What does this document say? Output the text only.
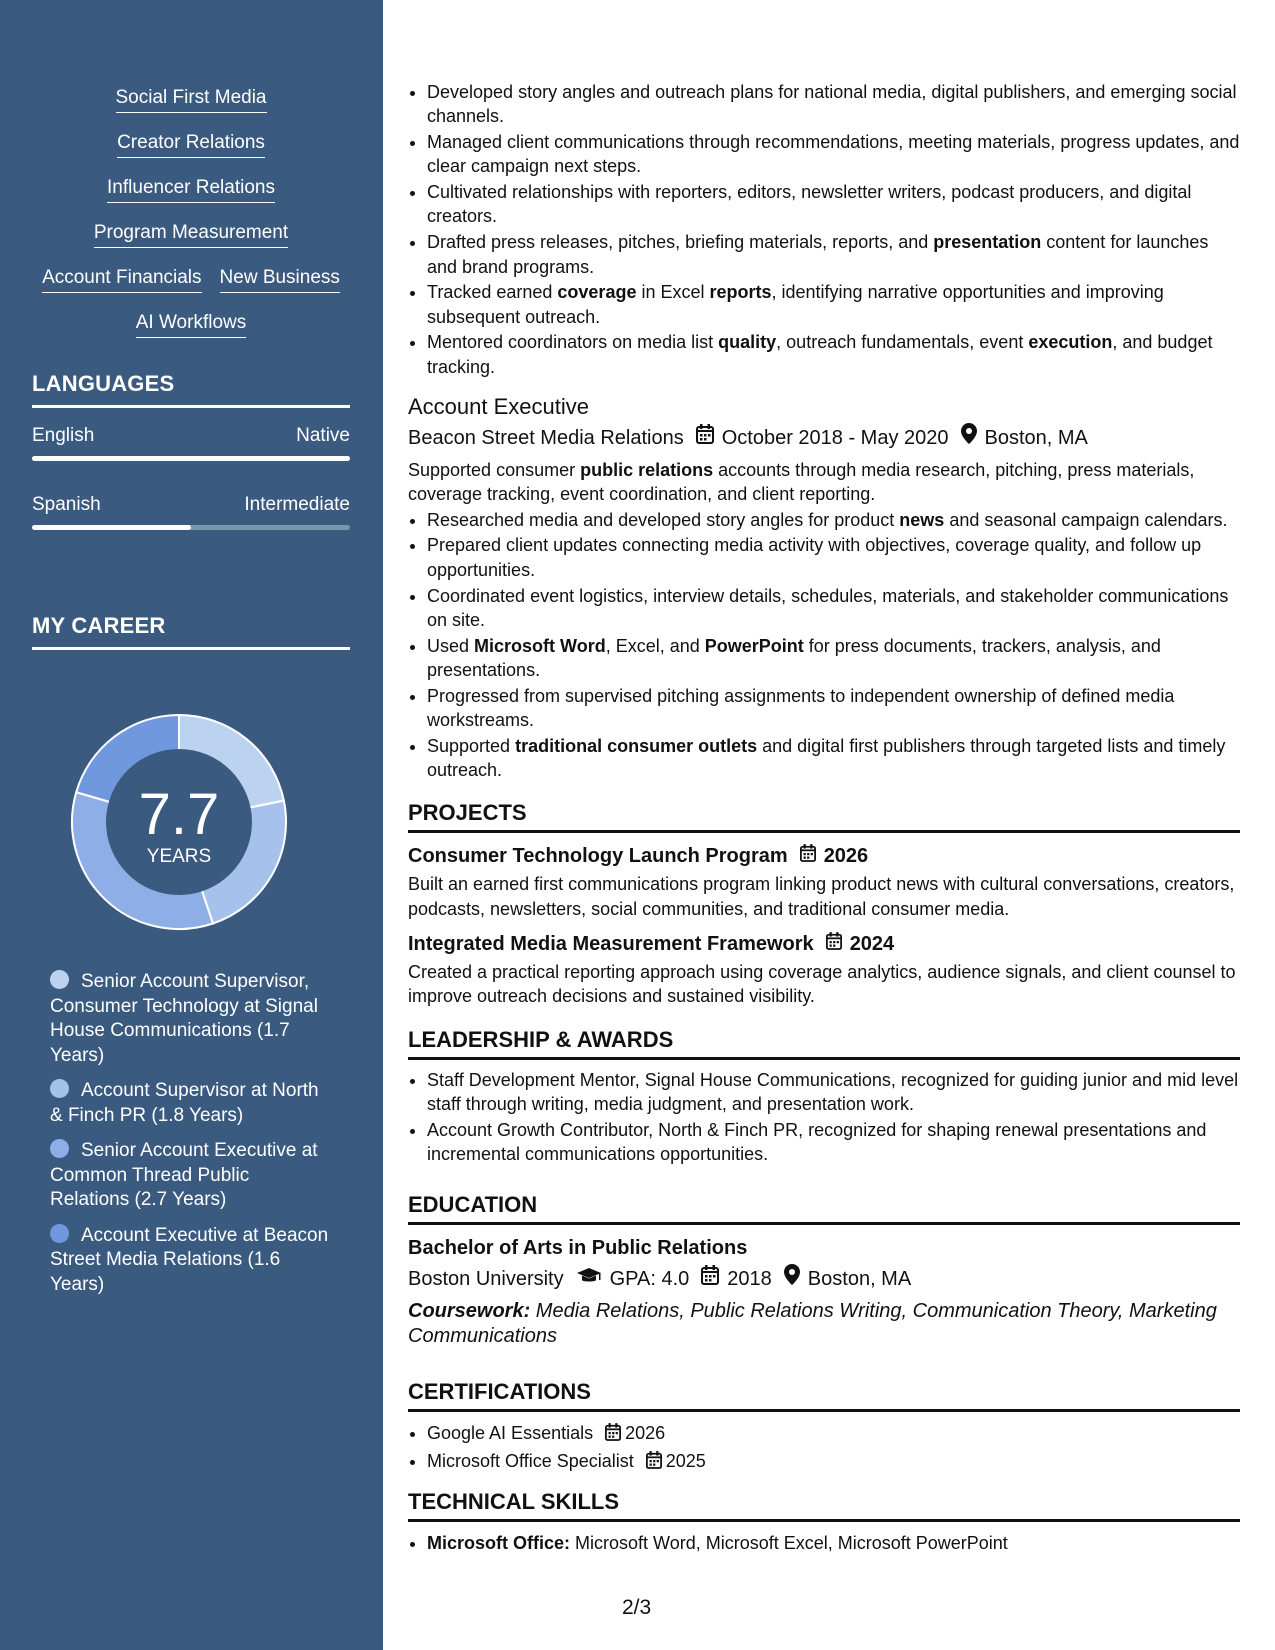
Social First Media
Creator Relations
Influencer Relations
Program Measurement
Account Financials New Business
AI Workflows
LANGUAGES
English	Native
Spanish	Intermediate
MY CAREER
7.7
YEARS
Senior Account Supervisor, Consumer Technology at Signal House Communications (1.7 Years)
Account Supervisor at North & Finch PR (1.8 Years)
Senior Account Executive at Common Thread Public Relations (2.7 Years)
Account Executive at Beacon Street Media Relations (1.6 Years)
• Developed story angles and outreach plans for national media, digital publishers, and emerging social channels.
• Managed client communications through recommendations, meeting materials, progress updates, and clear campaign next steps.
• Cultivated relationships with reporters, editors, newsletter writers, podcast producers, and digital creators.
• Drafted press releases, pitches, briefing materials, reports, and presentation content for launches and brand programs.
• Tracked earned coverage in Excel reports, identifying narrative opportunities and improving subsequent outreach.
• Mentored coordinators on media list quality, outreach fundamentals, event execution, and budget tracking.
Account Executive
Beacon Street Media Relations October 2018 - May 2020 Boston, MA
Supported consumer public relations accounts through media research, pitching, press materials, coverage tracking, event coordination, and client reporting.
• Researched media and developed story angles for product news and seasonal campaign calendars.
• Prepared client updates connecting media activity with objectives, coverage quality, and follow up opportunities.
• Coordinated event logistics, interview details, schedules, materials, and stakeholder communications on site.
• Used Microsoft Word, Excel, and PowerPoint for press documents, trackers, analysis, and presentations.
• Progressed from supervised pitching assignments to independent ownership of defined media workstreams.
• Supported traditional consumer outlets and digital first publishers through targeted lists and timely outreach.
PROJECTS
Consumer Technology Launch Program 2026
Built an earned first communications program linking product news with cultural conversations, creators, podcasts, newsletters, social communities, and traditional consumer media.
Integrated Media Measurement Framework 2024
Created a practical reporting approach using coverage analytics, audience signals, and client counsel to improve outreach decisions and sustained visibility.
LEADERSHIP & AWARDS
• Staff Development Mentor, Signal House Communications, recognized for guiding junior and mid level staff through writing, media judgment, and presentation work.
• Account Growth Contributor, North & Finch PR, recognized for shaping renewal presentations and incremental communications opportunities.
EDUCATION
Bachelor of Arts in Public Relations
Boston University GPA: 4.0 2018 Boston, MA
Coursework: Media Relations, Public Relations Writing, Communication Theory, Marketing Communications
CERTIFICATIONS
• Google AI Essentials 2026
• Microsoft Office Specialist 2025
TECHNICAL SKILLS
• Microsoft Office: Microsoft Word, Microsoft Excel, Microsoft PowerPoint
2/3
